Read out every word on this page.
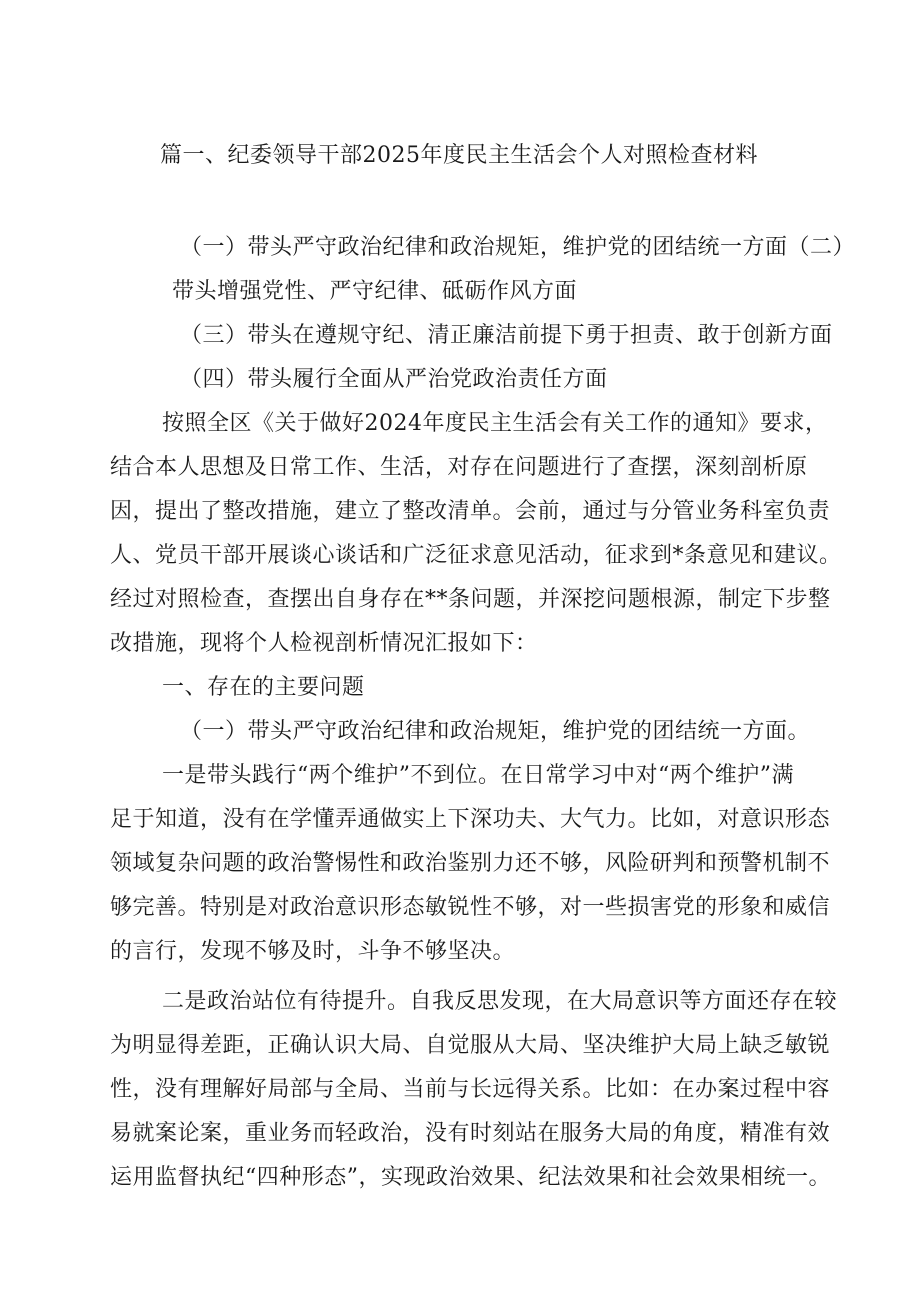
篇一、纪委领导干部2025年度民主生活会个人对照检查材料
（一）带头严守政治纪律和政治规矩，维护党的团结统一方面（二）
带头增强党性、严守纪律、砥砺作风方面
（三）带头在遵规守纪、清正廉洁前提下勇于担责、敢于创新方面
（四）带头履行全面从严治党政治责任方面
按照全区《关于做好2024年度民主生活会有关工作的通知》要求，
结合本人思想及日常工作、生活，对存在问题进行了查摆，深刻剖析原
因，提出了整改措施，建立了整改清单。会前，通过与分管业务科室负责
人、党员干部开展谈心谈话和广泛征求意见活动，征求到*条意见和建议。
经过对照检查，查摆出自身存在**条问题，并深挖问题根源，制定下步整
改措施，现将个人检视剖析情况汇报如下：
一、存在的主要问题
（一）带头严守政治纪律和政治规矩，维护党的团结统一方面。
一是带头践行“两个维护”不到位。在日常学习中对“两个维护”满
足于知道，没有在学懂弄通做实上下深功夫、大气力。比如，对意识形态
领域复杂问题的政治警惕性和政治鉴别力还不够，风险研判和预警机制不
够完善。特别是对政治意识形态敏锐性不够，对一些损害党的形象和威信
的言行，发现不够及时，斗争不够坚决。
二是政治站位有待提升。自我反思发现，在大局意识等方面还存在较
为明显得差距，正确认识大局、自觉服从大局、坚决维护大局上缺乏敏锐
性，没有理解好局部与全局、当前与长远得关系。比如：在办案过程中容
易就案论案，重业务而轻政治，没有时刻站在服务大局的角度，精准有效
运用监督执纪“四种形态”，实现政治效果、纪法效果和社会效果相统一。
